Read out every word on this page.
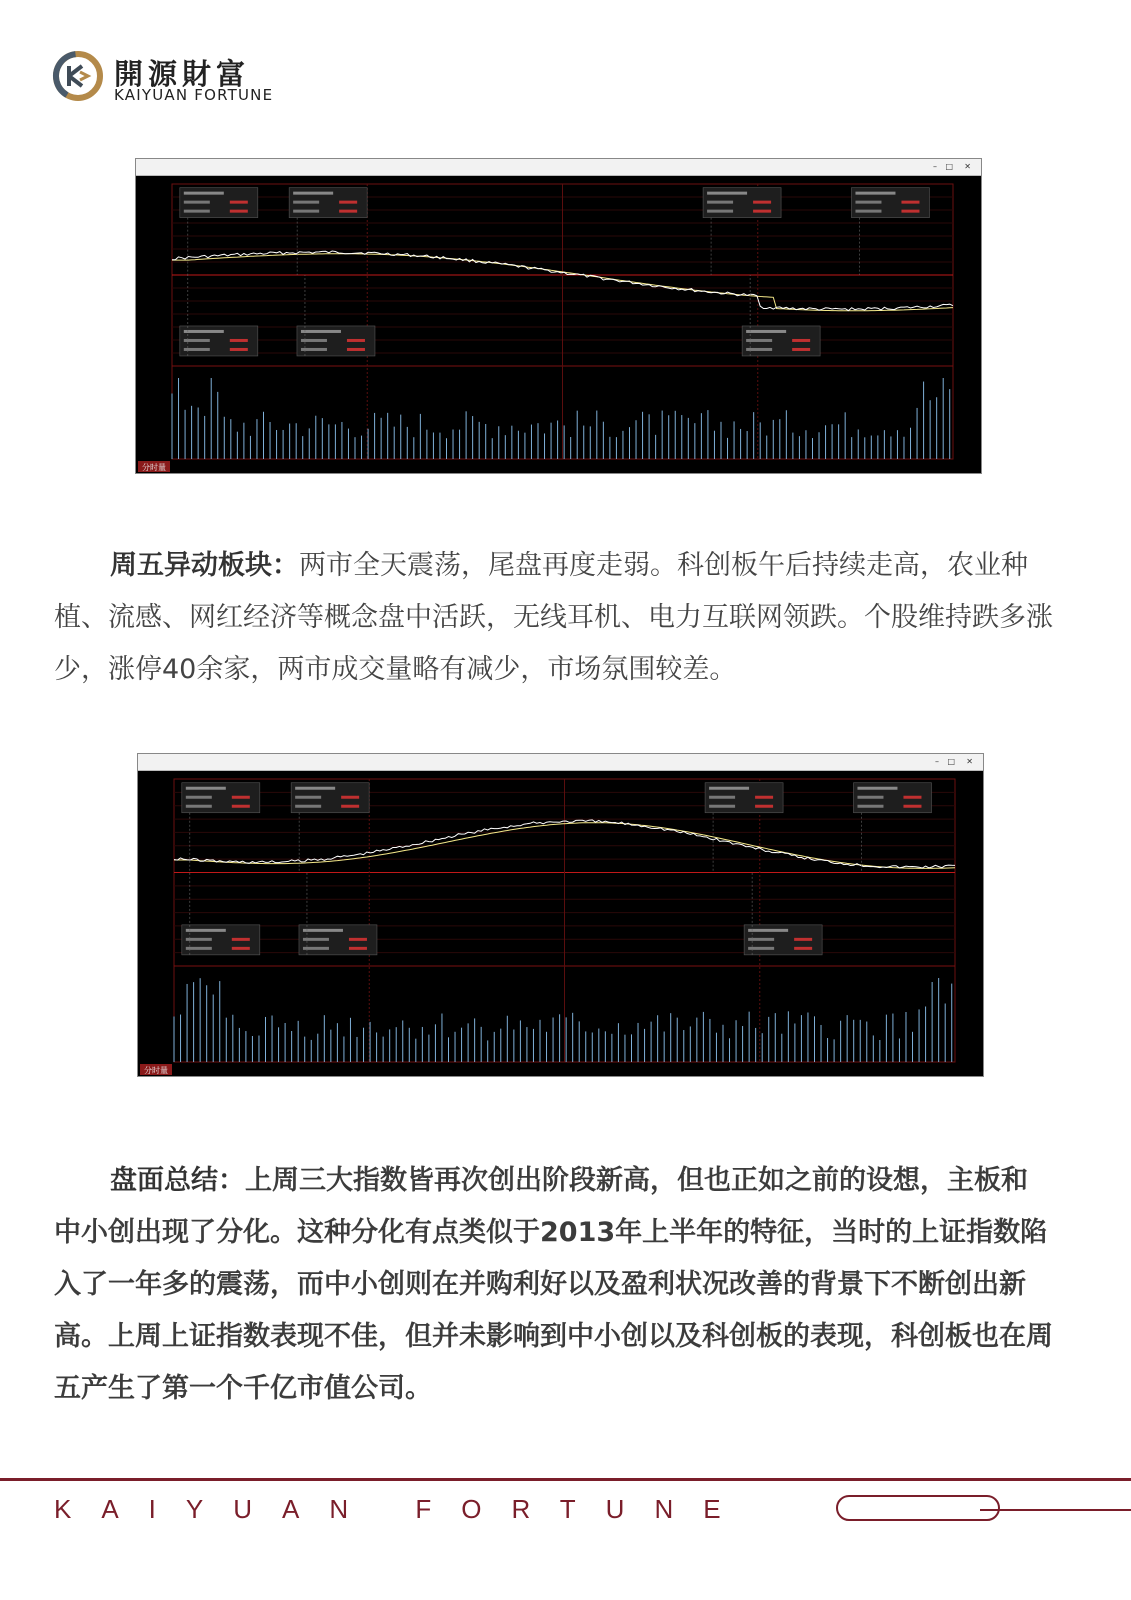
開源財富
KAIYUAN FORTUNE
– □ ✕
分时量
周五异动板块：两市全天震荡，尾盘再度走弱。科创板午后持续走高，农业种植、流感、网红经济等概念盘中活跃，无线耳机、电力互联网领跌。个股维持跌多涨少，涨停40余家，两市成交量略有减少，市场氛围较差。
– □ ✕
分时量
盘面总结：上周三大指数皆再次创出阶段新高，但也正如之前的设想，主板和中小创出现了分化。这种分化有点类似于2013年上半年的特征，当时的上证指数陷入了一年多的震荡，而中小创则在并购利好以及盈利状况改善的背景下不断创出新高。上周上证指数表现不佳，但并未影响到中小创以及科创板的表现，科创板也在周五产生了第一个千亿市值公司。
KAIYUAN FORTUNE
